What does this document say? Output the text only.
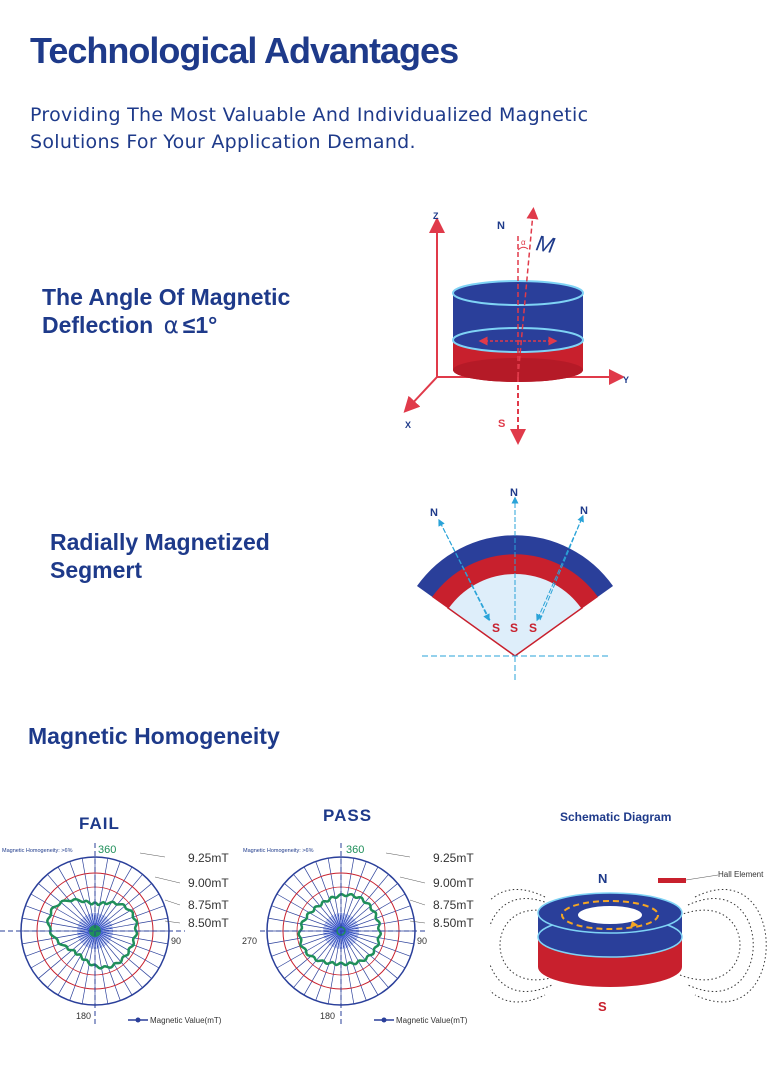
Technological Advantages
Providing The Most Valuable And Individualized Magnetic
Solutions For Your Application Demand.
The Angle Of Magnetic
Deflection α ≤1°
Z
Y
X
α
N
M
S
Radially Magnetized
Segmert
N
N
N
S S S
Magnetic Homogeneity
FAIL
Magnetic Homogeneity: >6% 360
9.25mT
9.00mT
8.75mT
8.50mT
90
180	Magnetic Value(mT)
PASS
Magnetic Homogeneity: >6%	360
9.25mT
9.00mT
8.75mT
8.50mT
90
270
180	Magnetic Value(mT)
Schematic Diagram
N
S
Hall Element
